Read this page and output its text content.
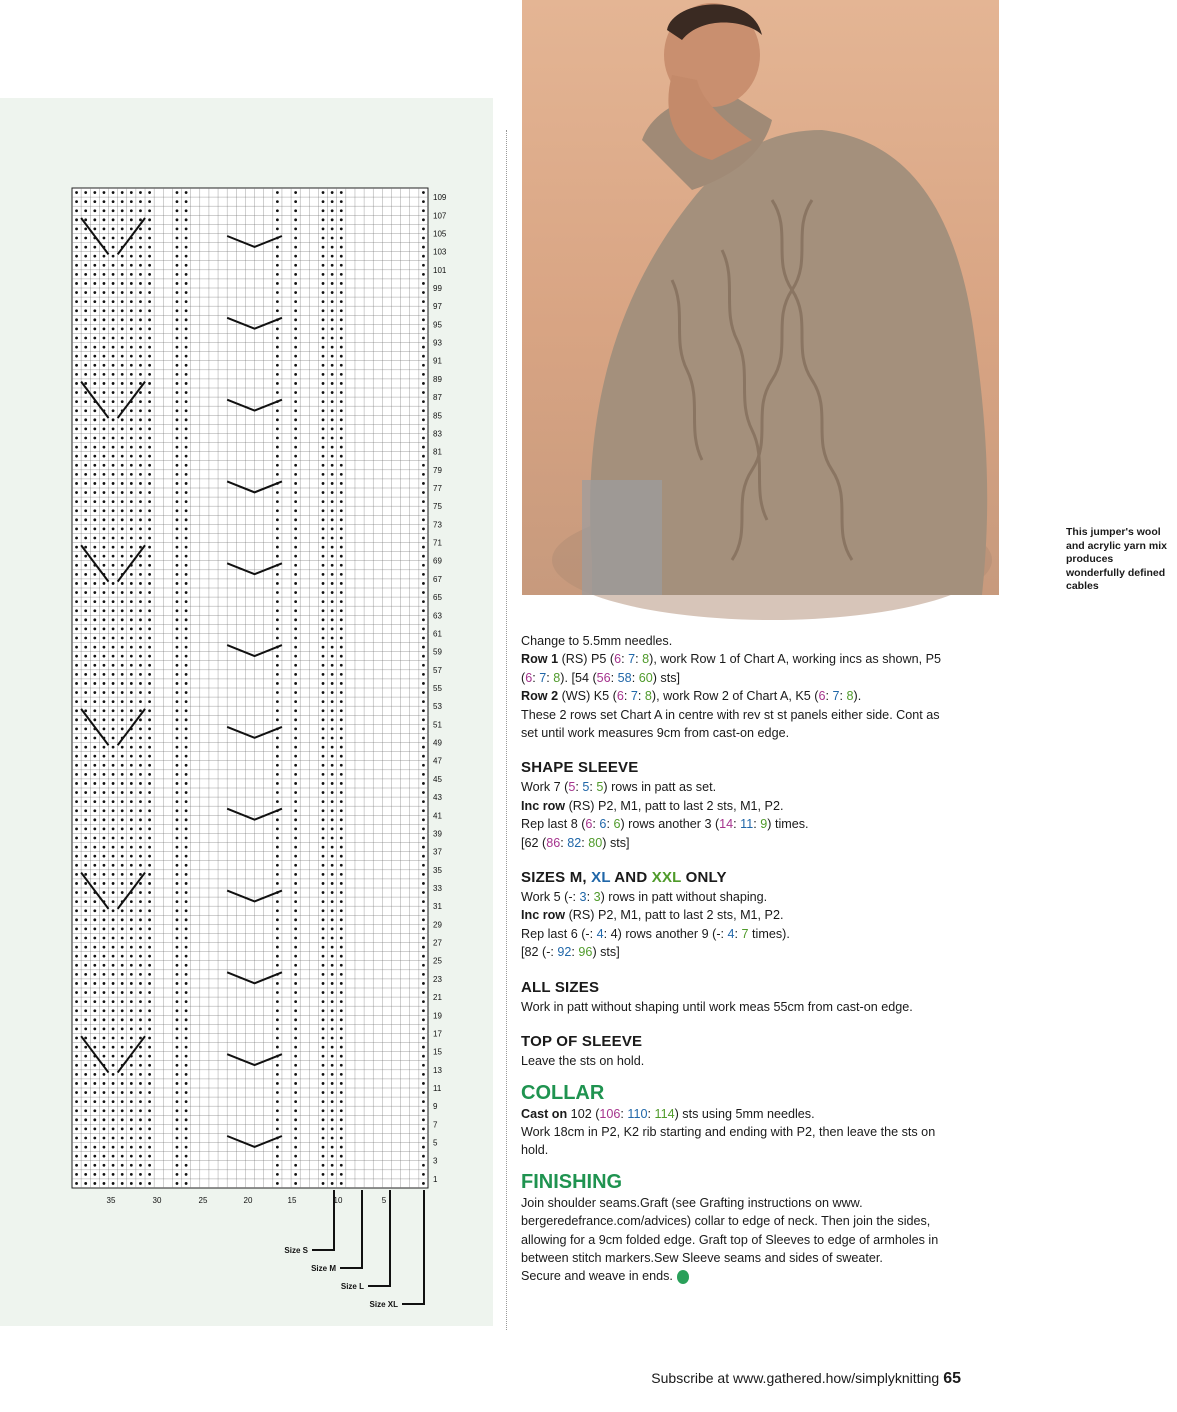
109
107
105
103
101
99
97
95
93
91
89
87
85
83
81
79
77
75
73
71
69
67
65
63
61
59
57
55
53
51
49
47
45
43
41
39
37
35
33
31
29
27
25
23
21
19
17
15
13
11
9
7
5
3
1
35	30	25	20	15	10	5
Size S
Size M
Size L
Size XL
This jumper's wool and acrylic yarn mix produces wonderfully defined cables

Change to 5.5mm needles.

Row 1 (RS) P5 (6: 7: 8), work Row 1 of Chart A, working incs as shown, P5 (6: 7: 8). [54 (56: 58: 60) sts]

Row 2 (WS) K5 (6: 7: 8), work Row 2 of Chart A, K5 (6: 7: 8).

These 2 rows set Chart A in centre with rev st st panels either side. Cont as set until work measures 9cm from cast-on edge.

SHAPE SLEEVE

Work 7 (5: 5: 5) rows in patt as set.

Inc row (RS) P2, M1, patt to last 2 sts, M1, P2.

Rep last 8 (6: 6: 6) rows another 3 (14: 11: 9) times.

[62 (86: 82: 80) sts]

SIZES M, XL AND XXL ONLY

Work 5 (-: 3: 3) rows in patt without shaping.

Inc row (RS) P2, M1, patt to last 2 sts, M1, P2.

Rep last 6 (-: 4: 4) rows another 9 (-: 4: 7 times).

[82 (-: 92: 96) sts]

ALL SIZES

Work in patt without shaping until work meas 55cm from cast-on edge.

TOP OF SLEEVE

Leave the sts on hold.

COLLAR

Cast on 102 (106: 110: 114) sts using 5mm needles.

Work 18cm in P2, K2 rib starting and ending with P2, then leave the sts on hold.

FINISHING

Join shoulder seams.Graft (see Grafting instructions on www. bergeredefrance.com/advices) collar to edge of neck. Then join the sides, allowing for a 9cm folded edge. Graft top of Sleeves to edge of armholes in between stitch markers.Sew Sleeve seams and sides of sweater.

Secure and weave in ends.

Subscribe at www.gathered.how/simplyknitting 65
